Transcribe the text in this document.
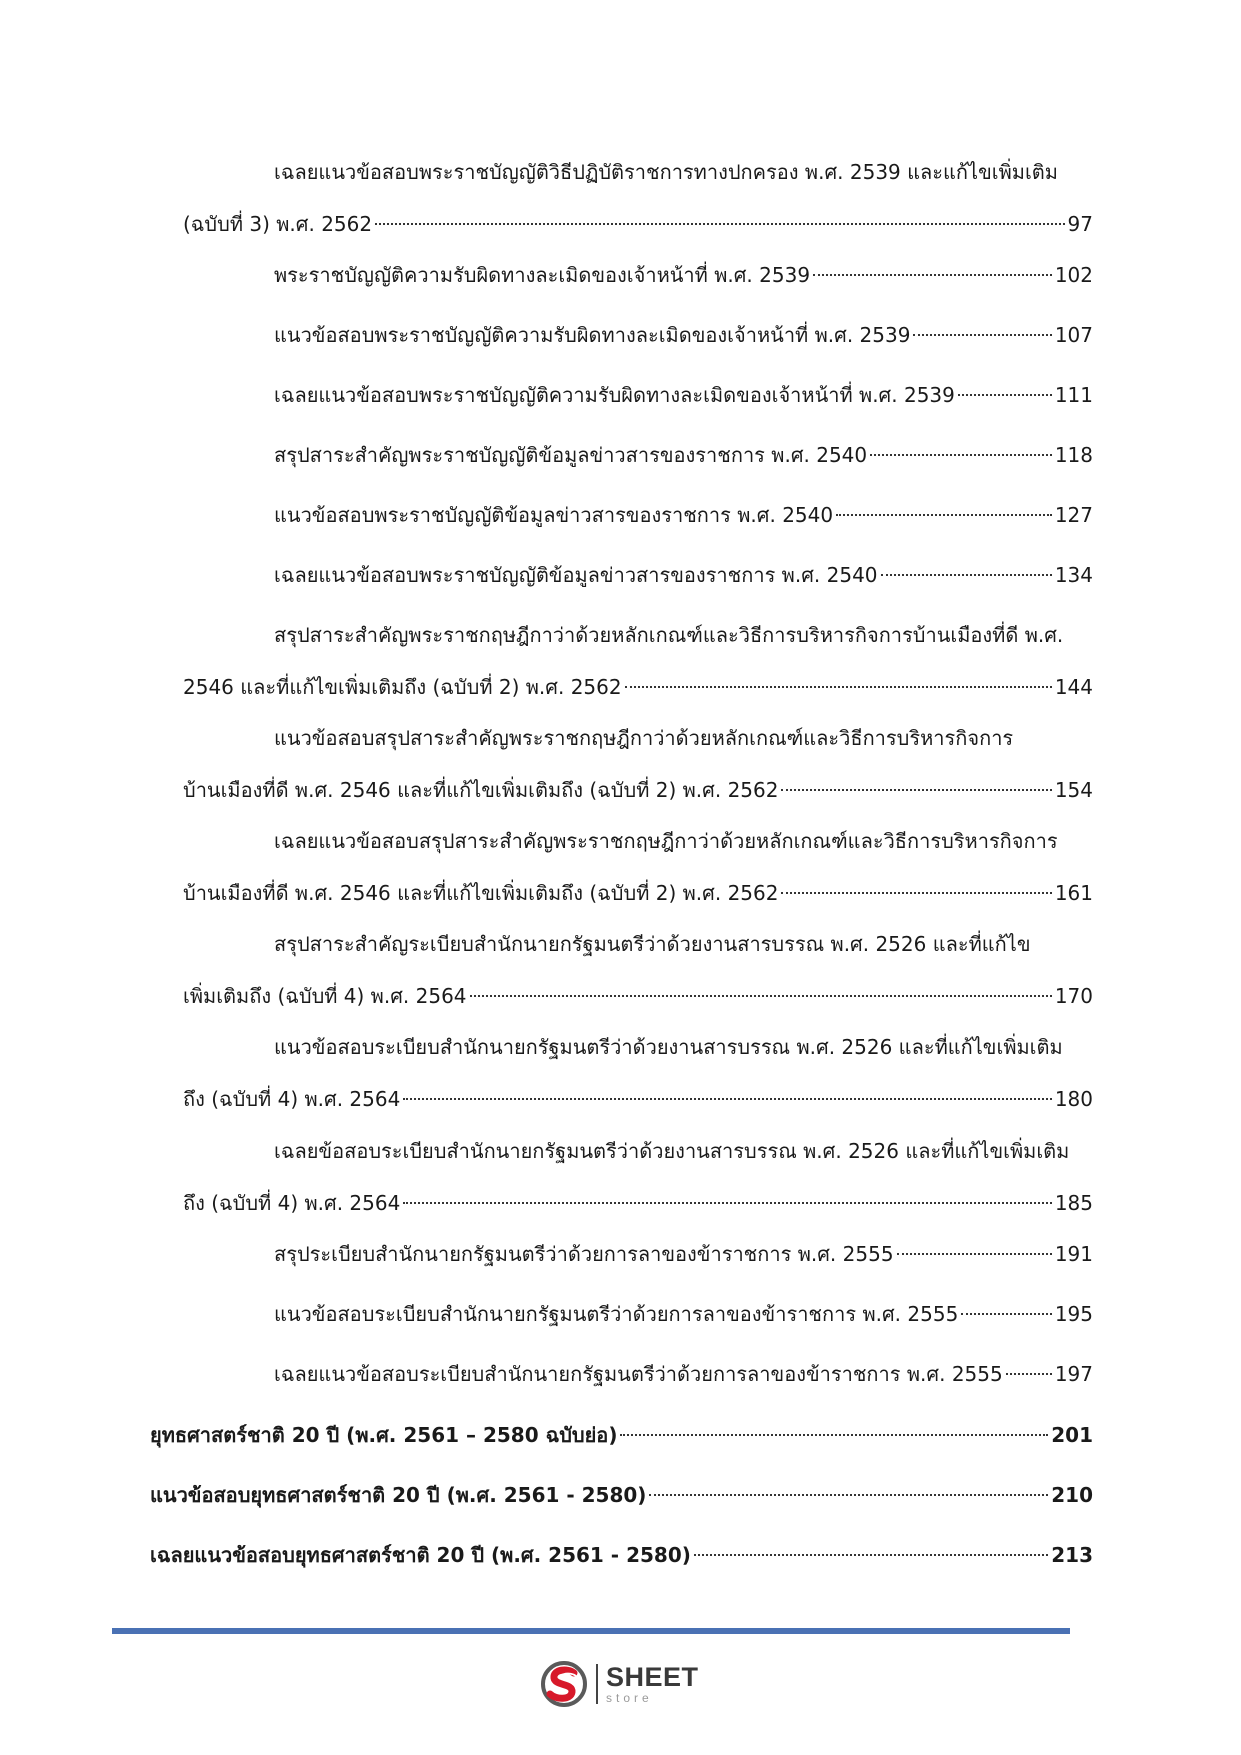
เฉลยแนวข้อสอบพระราชบัญญัติวิธีปฏิบัติราชการทางปกครอง พ.ศ. 2539 และแก้ไขเพิ่มเติม
(ฉบับที่ 3) พ.ศ. 2562	97
พระราชบัญญัติความรับผิดทางละเมิดของเจ้าหน้าที่ พ.ศ. 2539	102
แนวข้อสอบพระราชบัญญัติความรับผิดทางละเมิดของเจ้าหน้าที่ พ.ศ. 2539	107
เฉลยแนวข้อสอบพระราชบัญญัติความรับผิดทางละเมิดของเจ้าหน้าที่ พ.ศ. 2539	111
สรุปสาระสำคัญพระราชบัญญัติข้อมูลข่าวสารของราชการ พ.ศ. 2540	118
แนวข้อสอบพระราชบัญญัติข้อมูลข่าวสารของราชการ พ.ศ. 2540	127
เฉลยแนวข้อสอบพระราชบัญญัติข้อมูลข่าวสารของราชการ พ.ศ. 2540	134
สรุปสาระสำคัญพระราชกฤษฎีกาว่าด้วยหลักเกณฑ์และวิธีการบริหารกิจการบ้านเมืองที่ดี พ.ศ.
2546 และที่แก้ไขเพิ่มเติมถึง (ฉบับที่ 2) พ.ศ. 2562	144
แนวข้อสอบสรุปสาระสำคัญพระราชกฤษฎีกาว่าด้วยหลักเกณฑ์และวิธีการบริหารกิจการ
บ้านเมืองที่ดี พ.ศ. 2546 และที่แก้ไขเพิ่มเติมถึง (ฉบับที่ 2) พ.ศ. 2562	154
เฉลยแนวข้อสอบสรุปสาระสำคัญพระราชกฤษฎีกาว่าด้วยหลักเกณฑ์และวิธีการบริหารกิจการ
บ้านเมืองที่ดี พ.ศ. 2546 และที่แก้ไขเพิ่มเติมถึง (ฉบับที่ 2) พ.ศ. 2562	161
สรุปสาระสำคัญระเบียบสำนักนายกรัฐมนตรีว่าด้วยงานสารบรรณ พ.ศ. 2526 และที่แก้ไข
เพิ่มเติมถึง (ฉบับที่ 4) พ.ศ. 2564	170
แนวข้อสอบระเบียบสำนักนายกรัฐมนตรีว่าด้วยงานสารบรรณ พ.ศ. 2526 และที่แก้ไขเพิ่มเติม
ถึง (ฉบับที่ 4) พ.ศ. 2564	180
เฉลยข้อสอบระเบียบสำนักนายกรัฐมนตรีว่าด้วยงานสารบรรณ พ.ศ. 2526 และที่แก้ไขเพิ่มเติม
ถึง (ฉบับที่ 4) พ.ศ. 2564	185
สรุประเบียบสำนักนายกรัฐมนตรีว่าด้วยการลาของข้าราชการ พ.ศ. 2555	191
แนวข้อสอบระเบียบสำนักนายกรัฐมนตรีว่าด้วยการลาของข้าราชการ พ.ศ. 2555	195
เฉลยแนวข้อสอบระเบียบสำนักนายกรัฐมนตรีว่าด้วยการลาของข้าราชการ พ.ศ. 2555	197
ยุทธศาสตร์ชาติ 20 ปี (พ.ศ. 2561 – 2580 ฉบับย่อ)	201
แนวข้อสอบยุทธศาสตร์ชาติ 20 ปี (พ.ศ. 2561 - 2580)	210
เฉลยแนวข้อสอบยุทธศาสตร์ชาติ 20 ปี (พ.ศ. 2561 - 2580)	213
SHEET
store
